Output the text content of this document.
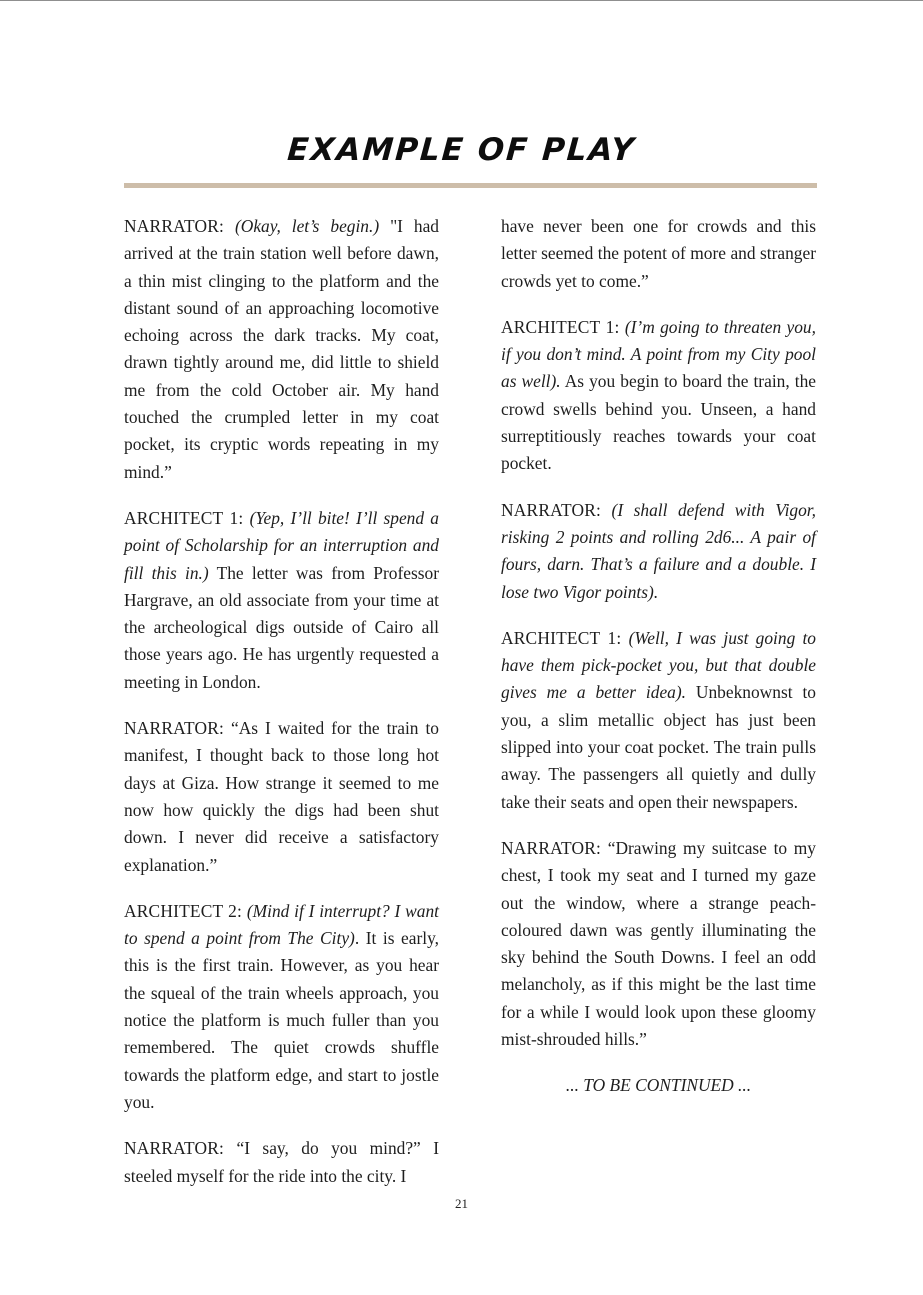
EXAMPLE OF PLAY

NARRATOR: (Okay, let’s begin.) "I had arrived at the train station well before dawn, a thin mist clinging to the platform and the distant sound of an approaching locomotive echoing across the dark tracks. My coat, drawn tightly around me, did little to shield me from the cold October air. My hand touched the crumpled letter in my coat pocket, its cryptic words repeating in my mind.”

ARCHITECT 1: (Yep, I’ll bite! I’ll spend a point of Scholarship for an interruption and fill this in.) The letter was from Professor Hargrave, an old associate from your time at the archeological digs outside of Cairo all those years ago. He has urgently requested a meeting in London.

NARRATOR: “As I waited for the train to manifest, I thought back to those long hot days at Giza. How strange it seemed to me now how quickly the digs had been shut down. I never did receive a satisfactory explanation.”

ARCHITECT 2: (Mind if I interrupt? I want to spend a point from The City). It is early, this is the first train. However, as you hear the squeal of the train wheels approach, you notice the platform is much fuller than you remembered. The quiet crowds shuffle towards the platform edge, and start to jostle you.

NARRATOR: “I say, do you mind?” I steeled myself for the ride into the city. I

have never been one for crowds and this letter seemed the potent of more and stranger crowds yet to come.”

ARCHITECT 1: (I’m going to threaten you, if you don’t mind. A point from my City pool as well). As you begin to board the train, the crowd swells behind you. Unseen, a hand surreptitiously reaches towards your coat pocket.

NARRATOR: (I shall defend with Vigor, risking 2 points and rolling 2d6... A pair of fours, darn. That’s a failure and a double. I lose two Vigor points).

ARCHITECT 1: (Well, I was just going to have them pick-pocket you, but that double gives me a better idea). Unbeknownst to you, a slim metallic object has just been slipped into your coat pocket. The train pulls away. The passengers all quietly and dully take their seats and open their newspapers.

NARRATOR: “Drawing my suitcase to my chest, I took my seat and I turned my gaze out the window, where a strange peach-coloured dawn was gently illuminating the sky behind the South Downs. I feel an odd melancholy, as if this might be the last time for a while I would look upon these gloomy mist-shrouded hills.”

... TO BE CONTINUED ...

21
